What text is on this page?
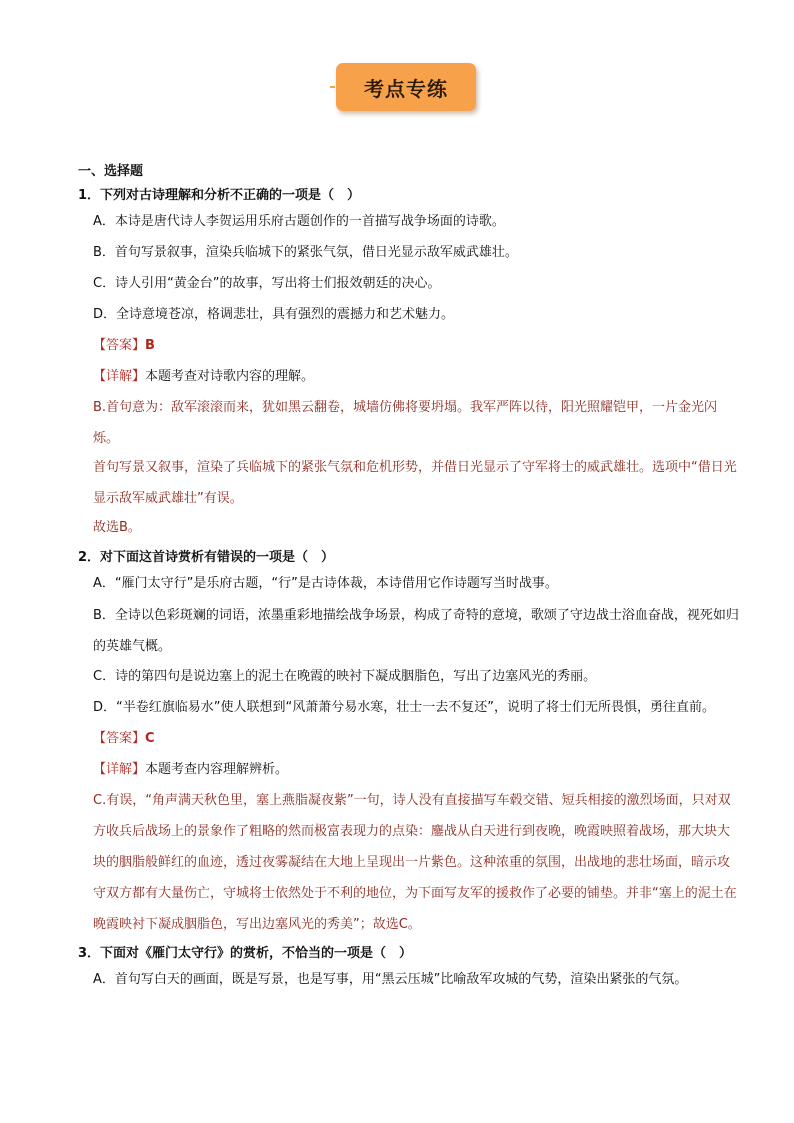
考点专练
一、选择题
1．下列对古诗理解和分析不正确的一项是（　）
A．本诗是唐代诗人李贺运用乐府古题创作的一首描写战争场面的诗歌。
B．首句写景叙事，渲染兵临城下的紧张气氛，借日光显示敌军威武雄壮。
C．诗人引用“黄金台”的故事，写出将士们报效朝廷的决心。
D．全诗意境苍凉，格调悲壮，具有强烈的震撼力和艺术魅力。
【答案】B
【详解】本题考查对诗歌内容的理解。
B.首句意为：敌军滚滚而来，犹如黑云翻卷，城墙仿佛将要坍塌。我军严阵以待，阳光照耀铠甲，一片金光闪烁。
首句写景又叙事，渲染了兵临城下的紧张气氛和危机形势，并借日光显示了守军将士的威武雄壮。选项中“借日光显示敌军威武雄壮”有误。
故选B。
2．对下面这首诗赏析有错误的一项是（　）
A．“雁门太守行”是乐府古题，“行”是古诗体裁，本诗借用它作诗题写当时战事。
B．全诗以色彩斑斓的词语，浓墨重彩地描绘战争场景，构成了奇特的意境，歌颂了守边战士浴血奋战，视死如归的英雄气概。
C．诗的第四句是说边塞上的泥土在晚霞的映衬下凝成胭脂色，写出了边塞风光的秀丽。
D．“半卷红旗临易水”使人联想到“风萧萧兮易水寒，壮士一去不复还”，说明了将士们无所畏惧，勇往直前。
【答案】C
【详解】本题考查内容理解辨析。
C.有误，“角声满天秋色里，塞上燕脂凝夜紫”一句，诗人没有直接描写车毂交错、短兵相接的激烈场面，只对双方收兵后战场上的景象作了粗略的然而极富表现力的点染：鏖战从白天进行到夜晚，晚霞映照着战场，那大块大块的胭脂般鲜红的血迹，透过夜雾凝结在大地上呈现出一片紫色。这种浓重的氛围，出战地的悲壮场面，暗示攻守双方都有大量伤亡，守城将士依然处于不利的地位，为下面写友军的援救作了必要的铺垫。并非“塞上的泥土在晚霞映衬下凝成胭脂色，写出边塞风光的秀美”；故选C。
3．下面对《雁门太守行》的赏析，不恰当的一项是（　）
A．首句写白天的画面，既是写景，也是写事，用“黑云压城”比喻敌军攻城的气势，渲染出紧张的气氛。
